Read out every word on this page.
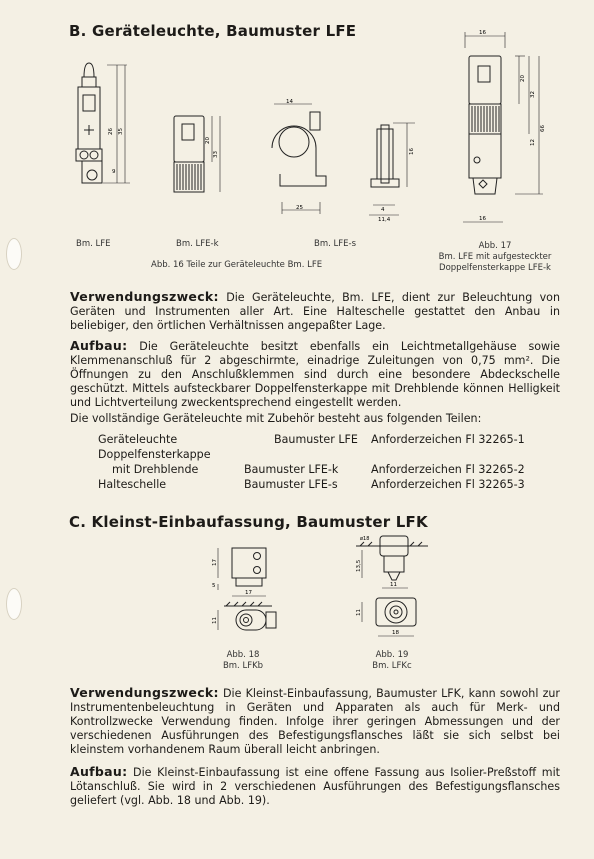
B. Geräteleuchte, Baumuster LFE
26 35
9
20
33
14
25
16
4
11,4
16
20
32
66
12
16
Bm. LFE	Bm. LFE-k	Bm. LFE-s
Abb. 16 Teile zur Geräteleuchte Bm. LFE
Abb. 17
Bm. LFE mit aufgesteckter
Doppelfensterkappe LFE-k
Verwendungszweck: Die Geräteleuchte, Bm. LFE, dient zur Beleuchtung von Geräten und Instrumenten aller Art. Eine Halteschelle gestattet den Anbau in beliebiger, den örtlichen Verhältnissen angepaßter Lage.
Aufbau: Die Geräteleuchte besitzt ebenfalls ein Leichtmetallgehäuse sowie Klemmenanschluß für 2 abgeschirmte, einadrige Zuleitungen von 0,75 mm². Die Öffnungen zu den Anschlußklemmen sind durch eine besondere Abdeckschelle geschützt. Mittels aufsteckbarer Doppelfensterkappe mit Drehblende können Helligkeit und Lichtverteilung zweckentsprechend eingestellt werden.
Die vollständige Geräteleuchte mit Zubehör besteht aus folgenden Teilen:
Geräteleuchte	Baumuster LFE Anforderzeichen Fl 32265-1
Doppelfensterkappe
mit Drehblende	Baumuster LFE-k	Anforderzeichen Fl 32265-2
Halteschelle	Baumuster LFE-s	Anforderzeichen Fl 32265-3
C. Kleinst-Einbaufassung, Baumuster LFK
17
5
17
11
ø18
13,5
11
11
18
Abb. 18
Bm. LFKb
Abb. 19
Bm. LFKc
Verwendungszweck: Die Kleinst-Einbaufassung, Baumuster LFK, kann sowohl zur Instrumentenbeleuchtung in Geräten und Apparaten als auch für Merk- und Kontrollzwecke Verwendung finden. Infolge ihrer geringen Abmessungen und der verschiedenen Ausführungen des Befestigungsflansches läßt sie sich selbst bei kleinstem vorhandenem Raum überall leicht anbringen.
Aufbau: Die Kleinst-Einbaufassung ist eine offene Fassung aus Isolier-Preßstoff mit Lötanschluß. Sie wird in 2 verschiedenen Ausführungen des Befestigungsflansches geliefert (vgl. Abb. 18 und Abb. 19).
